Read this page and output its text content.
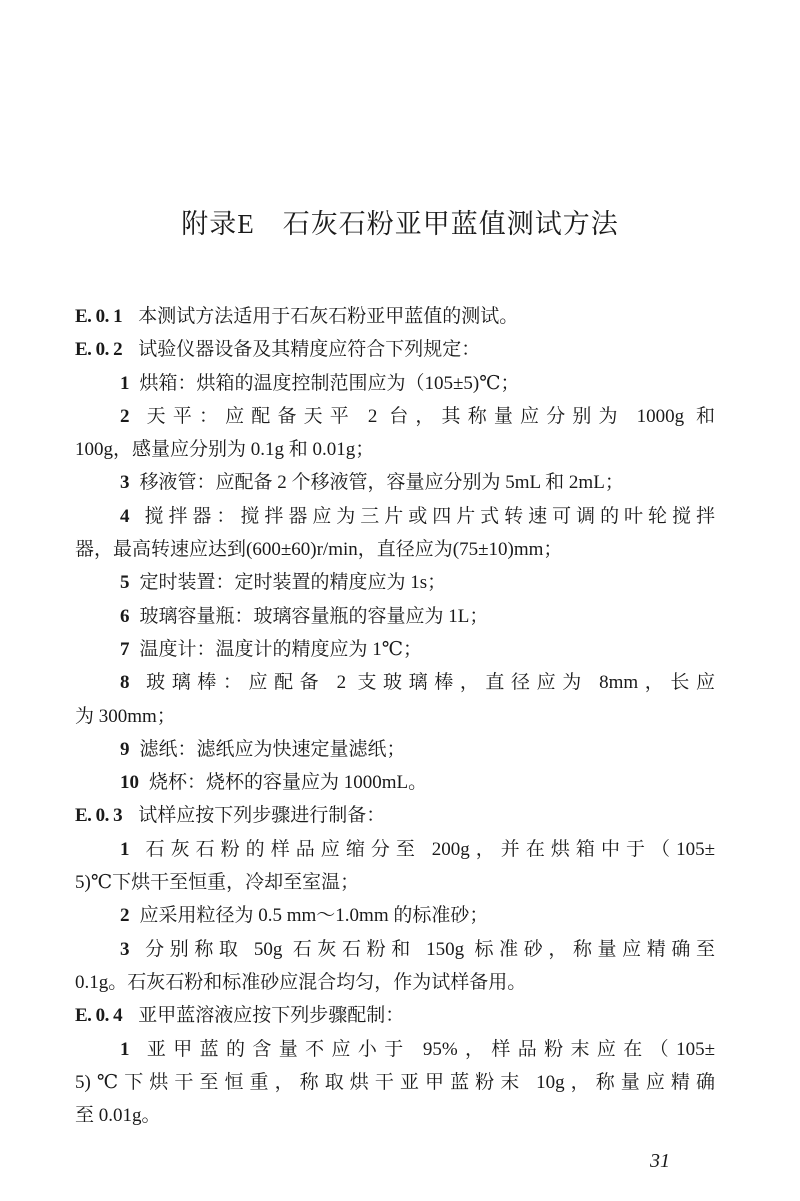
附录E 石灰石粉亚甲蓝值测试方法
E. 0. 1 本测试方法适用于石灰石粉亚甲蓝值的测试。
E. 0. 2 试验仪器设备及其精度应符合下列规定：
1 烘箱：烘箱的温度控制范围应为（105±5)℃；
2 天平：应配备天平 2 台，其称量应分别为 1000g 和
100g，感量应分别为 0.1g 和 0.01g；
3 移液管：应配备 2 个移液管，容量应分别为 5mL 和 2mL；
4 搅拌器：搅拌器应为三片或四片式转速可调的叶轮搅拌
器，最高转速应达到(600±60)r/min，直径应为(75±10)mm；
5 定时装置：定时装置的精度应为 1s；
6 玻璃容量瓶：玻璃容量瓶的容量应为 1L；
7 温度计：温度计的精度应为 1℃；
8 玻璃棒：应配备 2 支玻璃棒，直径应为 8mm，长应
为 300mm；
9 滤纸：滤纸应为快速定量滤纸；
10 烧杯：烧杯的容量应为 1000mL。
E. 0. 3 试样应按下列步骤进行制备：
1 石灰石粉的样品应缩分至 200g，并在烘箱中于（105±
5)℃下烘干至恒重，冷却至室温；
2 应采用粒径为 0.5 mm～1.0mm 的标准砂；
3 分别称取 50g 石灰石粉和 150g 标准砂，称量应精确至
0.1g。石灰石粉和标准砂应混合均匀，作为试样备用。
E. 0. 4 亚甲蓝溶液应按下列步骤配制：
1 亚甲蓝的含量不应小于 95%，样品粉末应在（105±
5)℃下烘干至恒重，称取烘干亚甲蓝粉末 10g，称量应精确
至 0.01g。
31
